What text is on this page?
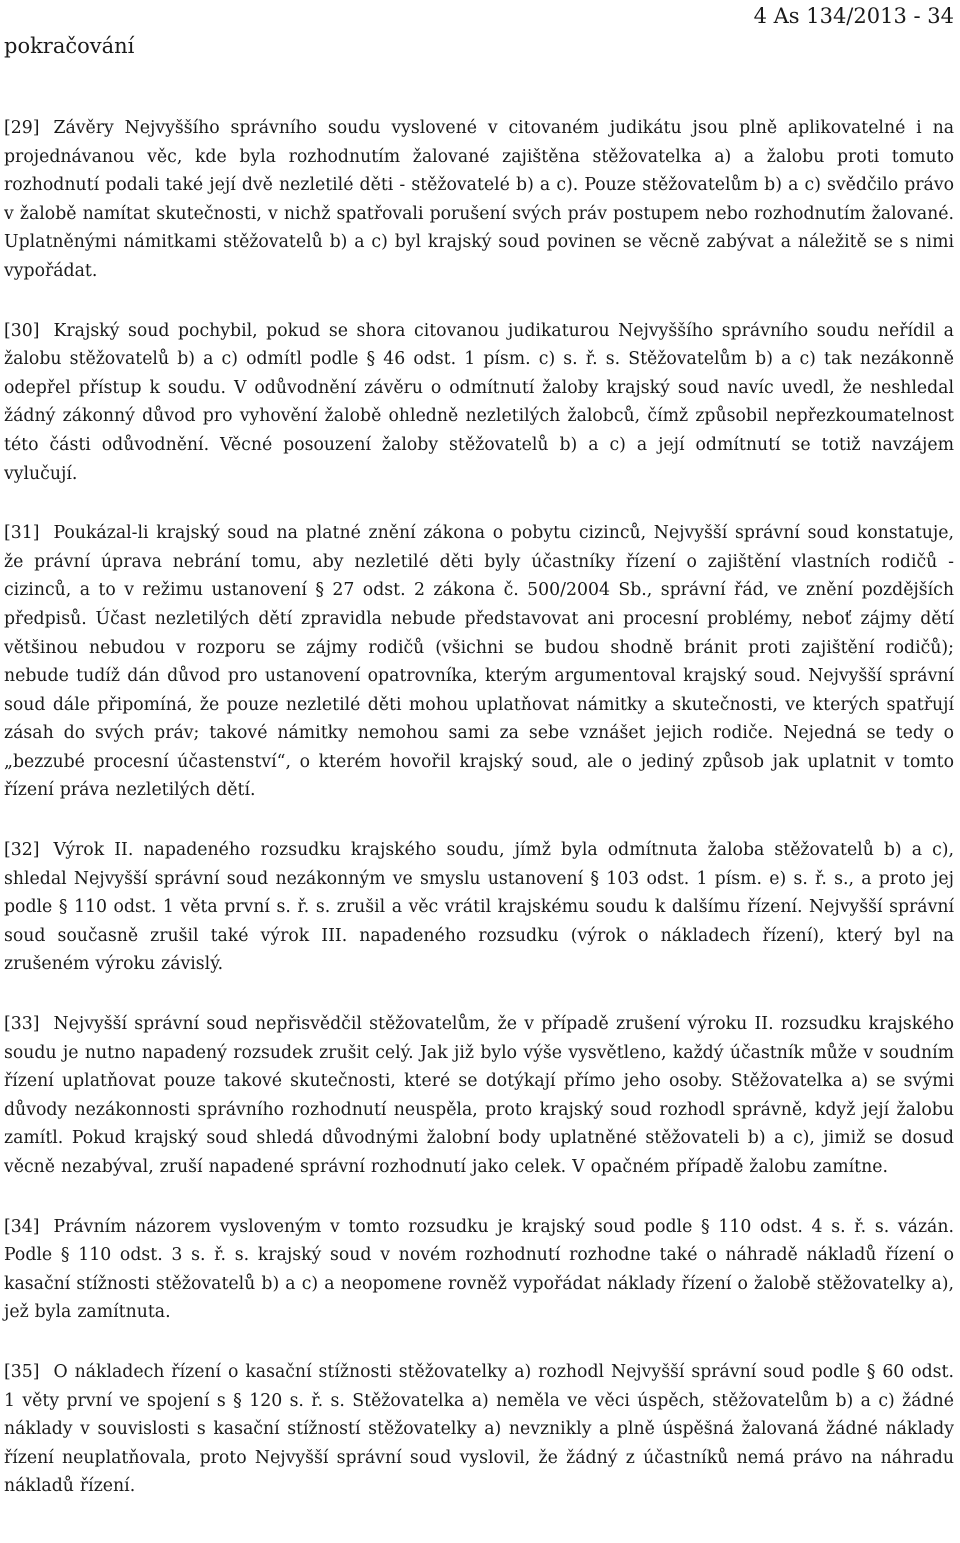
pokračování
4 As 134/2013 - 34

[29] Závěry Nejvyššího správního soudu vyslovené v citovaném judikátu jsou plně aplikovatelné i na projednávanou věc, kde byla rozhodnutím žalované zajištěna stěžovatelka a) a žalobu proti tomuto rozhodnutí podali také její dvě nezletilé děti - stěžovatelé b) a c). Pouze stěžovatelům b) a c) svědčilo právo v žalobě namítat skutečnosti, v nichž spatřovali porušení svých práv postupem nebo rozhodnutím žalované. Uplatněnými námitkami stěžovatelů b) a c) byl krajský soud povinen se věcně zabývat a náležitě se s nimi vypořádat.

[30] Krajský soud pochybil, pokud se shora citovanou judikaturou Nejvyššího správního soudu neřídil a žalobu stěžovatelů b) a c) odmítl podle § 46 odst. 1 písm. c) s. ř. s. Stěžovatelům b) a c) tak nezákonně odepřel přístup k soudu. V odůvodnění závěru o odmítnutí žaloby krajský soud navíc uvedl, že neshledal žádný zákonný důvod pro vyhovění žalobě ohledně nezletilých žalobců, čímž způsobil nepřezkoumatelnost této části odůvodnění. Věcné posouzení žaloby stěžovatelů b) a c) a její odmítnutí se totiž navzájem vylučují.

[31] Poukázal-li krajský soud na platné znění zákona o pobytu cizinců, Nejvyšší správní soud konstatuje, že právní úprava nebrání tomu, aby nezletilé děti byly účastníky řízení o zajištění vlastních rodičů - cizinců, a to v režimu ustanovení § 27 odst. 2 zákona č. 500/2004 Sb., správní řád, ve znění pozdějších předpisů. Účast nezletilých dětí zpravidla nebude představovat ani procesní problémy, neboť zájmy dětí většinou nebudou v rozporu se zájmy rodičů (všichni se budou shodně bránit proti zajištění rodičů); nebude tudíž dán důvod pro ustanovení opatrovníka, kterým argumentoval krajský soud. Nejvyšší správní soud dále připomíná, že pouze nezletilé děti mohou uplatňovat námitky a skutečnosti, ve kterých spatřují zásah do svých práv; takové námitky nemohou sami za sebe vznášet jejich rodiče. Nejedná se tedy o „bezzubé procesní účastenství“, o kterém hovořil krajský soud, ale o jediný způsob jak uplatnit v tomto řízení práva nezletilých dětí.

[32] Výrok II. napadeného rozsudku krajského soudu, jímž byla odmítnuta žaloba stěžovatelů b) a c), shledal Nejvyšší správní soud nezákonným ve smyslu ustanovení § 103 odst. 1 písm. e) s. ř. s., a proto jej podle § 110 odst. 1 věta první s. ř. s. zrušil a věc vrátil krajskému soudu k dalšímu řízení. Nejvyšší správní soud současně zrušil také výrok III. napadeného rozsudku (výrok o nákladech řízení), který byl na zrušeném výroku závislý.

[33] Nejvyšší správní soud nepřisvědčil stěžovatelům, že v případě zrušení výroku II. rozsudku krajského soudu je nutno napadený rozsudek zrušit celý. Jak již bylo výše vysvětleno, každý účastník může v soudním řízení uplatňovat pouze takové skutečnosti, které se dotýkají přímo jeho osoby. Stěžovatelka a) se svými důvody nezákonnosti správního rozhodnutí neuspěla, proto krajský soud rozhodl správně, když její žalobu zamítl. Pokud krajský soud shledá důvodnými žalobní body uplatněné stěžovateli b) a c), jimiž se dosud věcně nezabýval, zruší napadené správní rozhodnutí jako celek. V opačném případě žalobu zamítne.

[34] Právním názorem vysloveným v tomto rozsudku je krajský soud podle § 110 odst. 4 s. ř. s. vázán. Podle § 110 odst. 3 s. ř. s. krajský soud v novém rozhodnutí rozhodne také o náhradě nákladů řízení o kasační stížnosti stěžovatelů b) a c) a neopomene rovněž vypořádat náklady řízení o žalobě stěžovatelky a), jež byla zamítnuta.

[35] O nákladech řízení o kasační stížnosti stěžovatelky a) rozhodl Nejvyšší správní soud podle § 60 odst. 1 věty první ve spojení s § 120 s. ř. s. Stěžovatelka a) neměla ve věci úspěch, stěžovatelům b) a c) žádné náklady v souvislosti s kasační stížností stěžovatelky a) nevznikly a plně úspěšná žalovaná žádné náklady řízení neuplatňovala, proto Nejvyšší správní soud vyslovil, že žádný z účastníků nemá právo na náhradu nákladů řízení.
